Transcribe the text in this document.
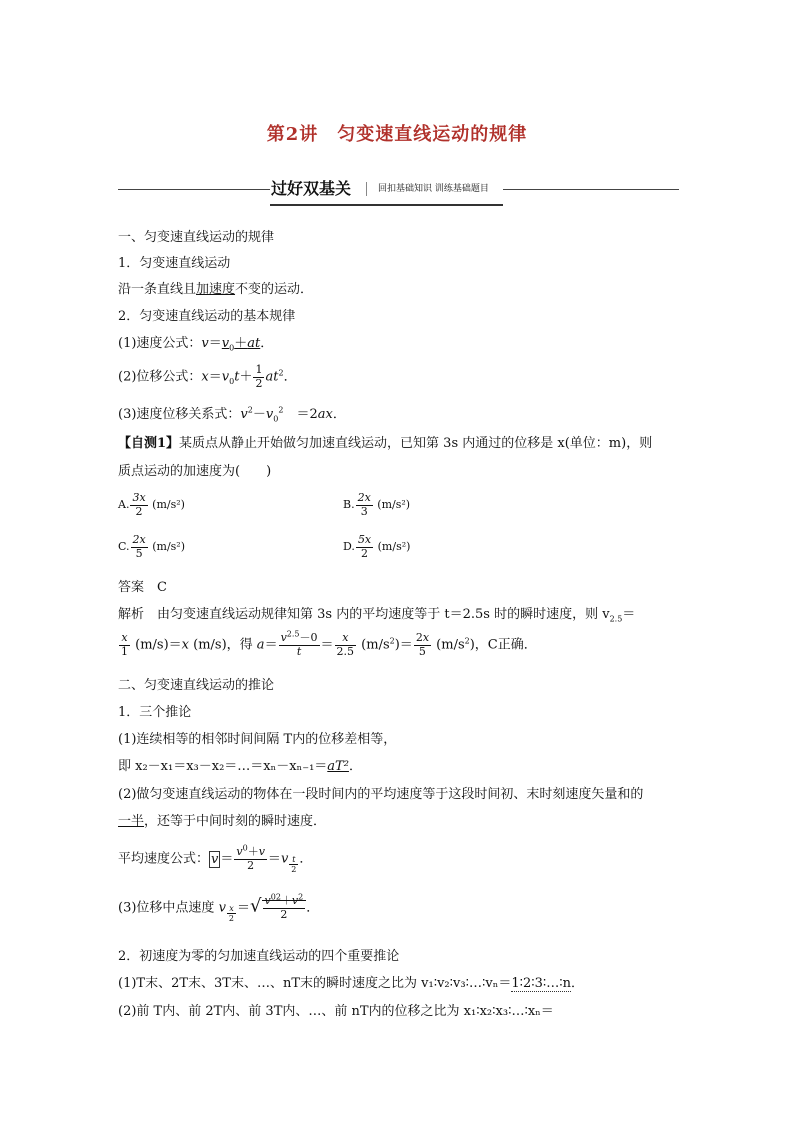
第2讲　匀变速直线运动的规律
过好双基关	回扣基础知识 训练基础题目
一、匀变速直线运动的规律
1．匀变速直线运动
沿一条直线且加速度不变的运动．
2．匀变速直线运动的基本规律
(1)速度公式：$v=v_0+at$．
(2)位移公式：$x=v_0t+ \frac{1}{2} at^2$．
(3)速度位移关系式：$v^2-v_0^2$　＝2ax．
【自测1】某质点从静止开始做匀加速直线运动，已知第 3s 内通过的位移是 x(单位：m)，则
质点运动的加速度为(　　)
A. $\frac{3x}{2} (m/s^2)$	B. $\frac{2x}{3} (m/s^2)$
C. $\frac{2x}{5} (m/s^2)$	D. $\frac{5x}{2} (m/s^2)$
答案　 C
解析　 由匀变速直线运动规律知第 3s 内的平均速度等于 t＝2.5s 时的瞬时速度，则 $v_{2.5}=$
$\frac{x}{1} (m/s)=x$ (m/s)，得 $a= \frac{v^{2.5}-0}{t} = \frac{x}{2.5} (m/s^2)= \frac{2x}{5} (m/s^2)$，C正确．
二、匀变速直线运动的推论
1．三个推论
(1)连续相等的相邻时间间隔 T内的位移差相等，
即 x₂－x₁＝x₃－x₂＝…＝xₙ－xₙ₋₁＝aT²．
(2)做匀变速直线运动的物体在一段时间内的平均速度等于这段时间初、末时刻速度矢量和的
一半，还等于中间时刻的瞬时速度．
平均速度公式： $v = \frac{v^0+v}{2} =v$ $_{\frac{t}{2}}$ ．
(3)位移中点速度 v $_{\frac{x}{2}}$ ＝√ $\frac{v^{02}+v^2}{2}$ ．
2．初速度为零的匀加速直线运动的四个重要推论
(1)T末、2T末、3T末、…、nT末的瞬时速度之比为 v₁∶v₂∶v₃∶…∶vₙ＝1∶2∶3∶…∶n．
(2)前 T内、前 2T内、前 3T内、…、前 nT内的位移之比为 x₁∶x₂∶x₃∶…∶xₙ＝
